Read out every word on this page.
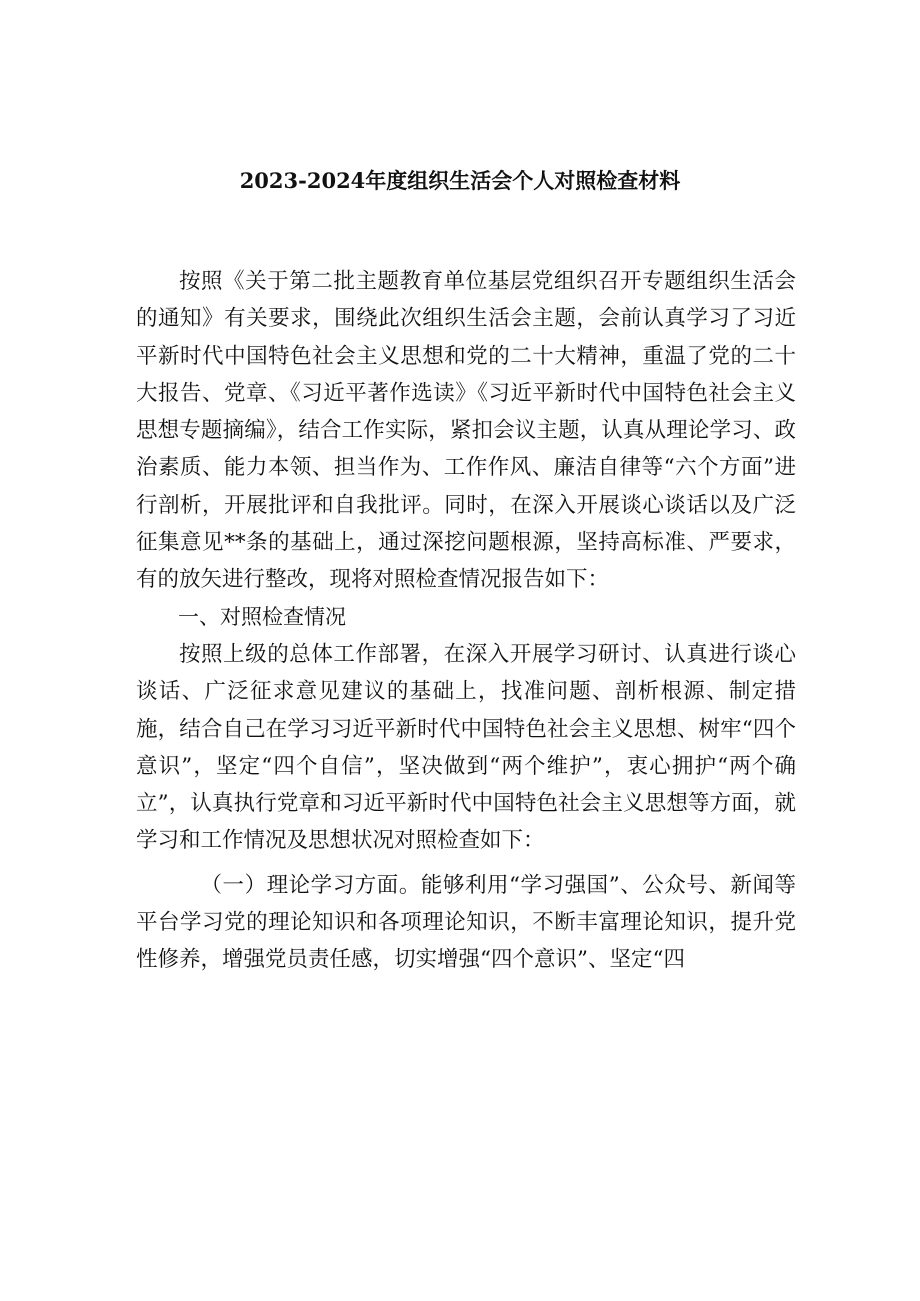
2023-2024年度组织生活会个人对照检查材料

按照《关于第二批主题教育单位基层党组织召开专题组织生活会的通知》有关要求，围绕此次组织生活会主题，会前认真学习了习近平新时代中国特色社会主义思想和党的二十大精神，重温了党的二十大报告、党章、《习近平著作选读》《习近平新时代中国特色社会主义思想专题摘编》，结合工作实际，紧扣会议主题，认真从理论学习、政治素质、能力本领、担当作为、工作作风、廉洁自律等“六个方面”进行剖析，开展批评和自我批评。同时，在深入开展谈心谈话以及广泛征集意见**条的基础上，通过深挖问题根源，坚持高标准、严要求，有的放矢进行整改，现将对照检查情况报告如下：

一、对照检查情况

按照上级的总体工作部署，在深入开展学习研讨、认真进行谈心谈话、广泛征求意见建议的基础上，找准问题、剖析根源、制定措施，结合自己在学习习近平新时代中国特色社会主义思想、树牢“四个意识”，坚定“四个自信”，坚决做到“两个维护”，衷心拥护“两个确立”，认真执行党章和习近平新时代中国特色社会主义思想等方面，就学习和工作情况及思想状况对照检查如下：

（一）理论学习方面。能够利用“学习强国”、公众号、新闻等平台学习党的理论知识和各项理论知识，不断丰富理论知识，提升党性修养，增强党员责任感，切实增强“四个意识”、坚定“四
